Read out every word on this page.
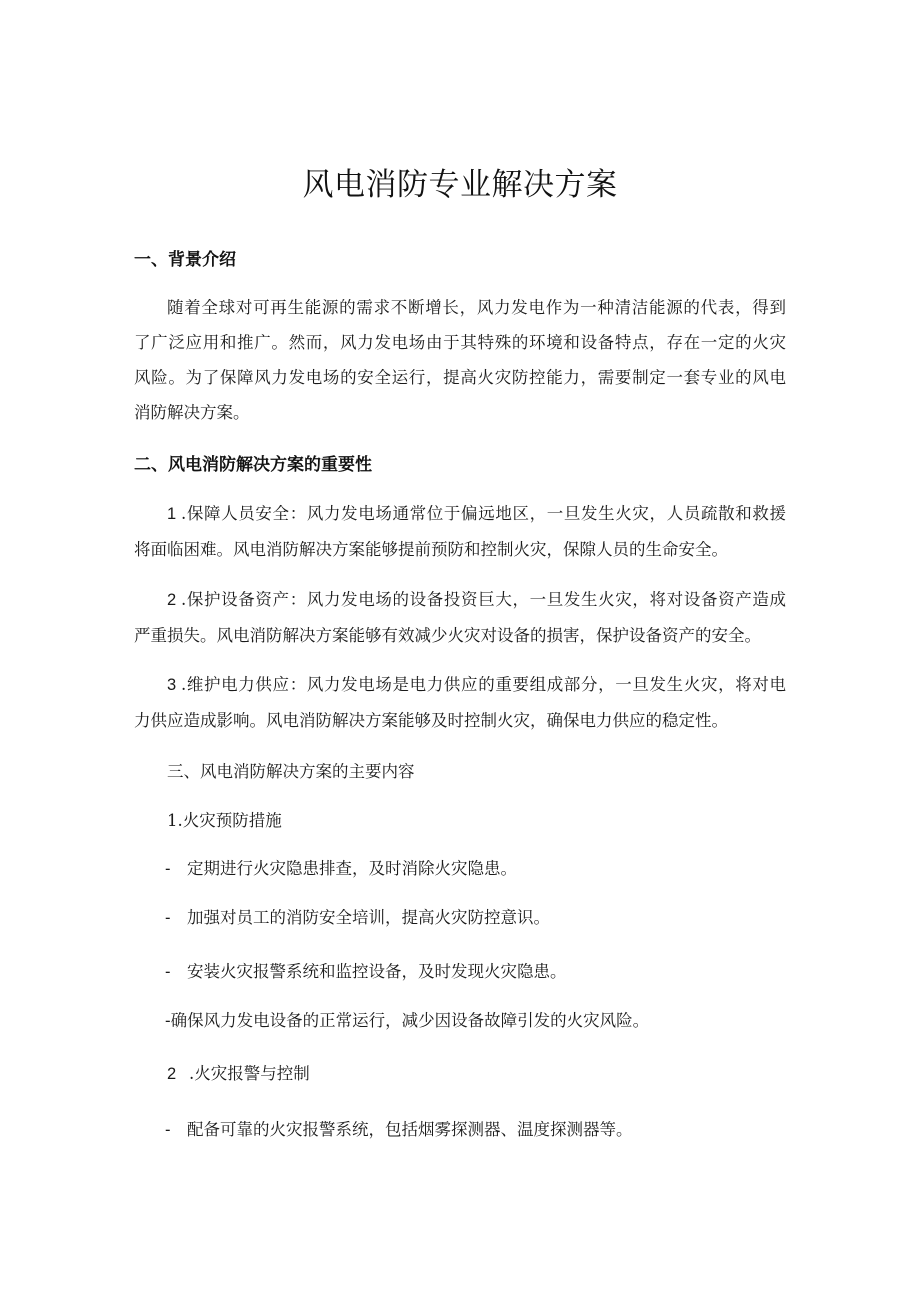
风电消防专业解决方案
一、背景介绍
随着全球对可再生能源的需求不断增长，风力发电作为一种清洁能源的代表，得到
了广泛应用和推广。然而，风力发电场由于其特殊的环境和设备特点，存在一定的火灾
风险。为了保障风力发电场的安全运行，提高火灾防控能力，需要制定一套专业的风电
消防解决方案。
二、风电消防解决方案的重要性
1 .保障人员安全：风力发电场通常位于偏远地区，一旦发生火灾，人员疏散和救援
将面临困难。风电消防解决方案能够提前预防和控制火灾，保隙人员的生命安全。
2 .保护设备资产：风力发电场的设备投资巨大，一旦发生火灾，将对设备资产造成
严重损失。风电消防解决方案能够有效减少火灾对设备的损害，保护设备资产的安全。
3 .维护电力供应：风力发电场是电力供应的重要组成部分，一旦发生火灾，将对电
力供应造成影响。风电消防解决方案能够及时控制火灾，确保电力供应的稳定性。
三、风电消防解决方案的主要内容
1.火灾预防措施
- 定期进行火灾隐患排查，及时消除火灾隐患。
- 加强对员工的消防安全培训，提高火灾防控意识。
- 安装火灾报警系统和监控设备，及时发现火灾隐患。
-确保风力发电设备的正常运行，减少因设备故障引发的火灾风险。
2 .火灾报警与控制
- 配备可靠的火灾报警系统，包括烟雾探测器、温度探测器等。
